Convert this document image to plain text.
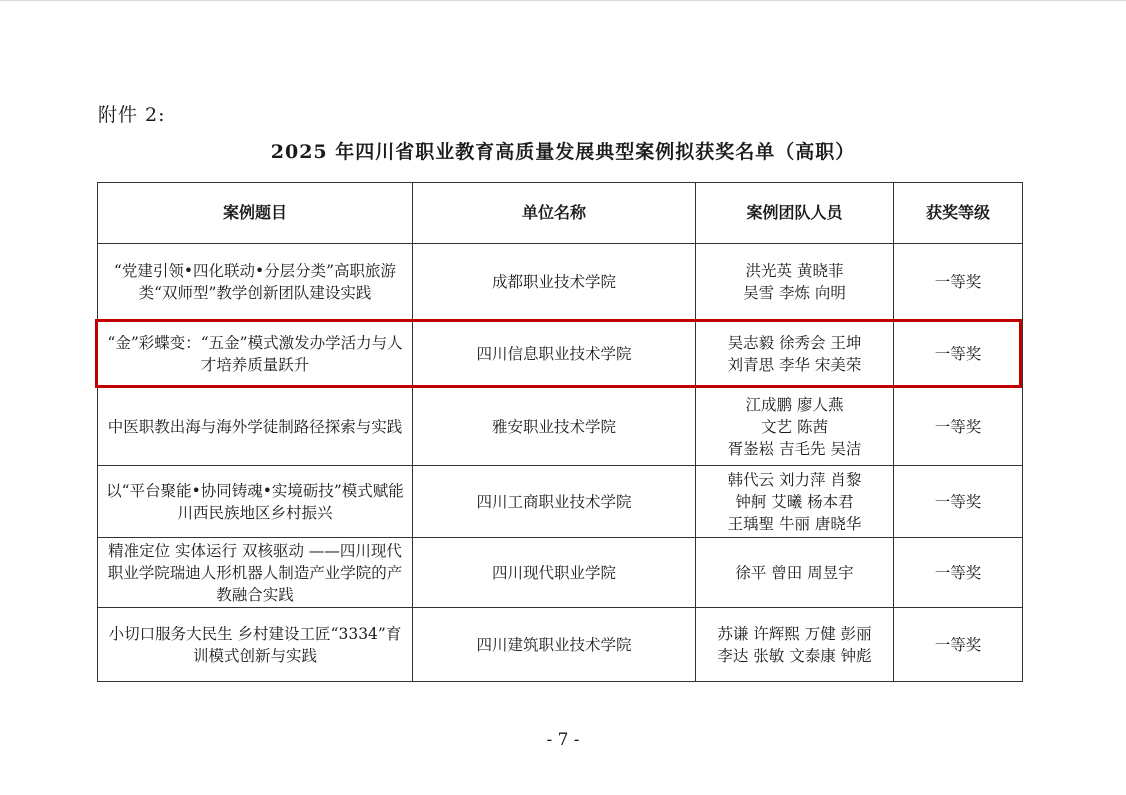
附件 2:
2025 年四川省职业教育高质量发展典型案例拟获奖名单（高职）
案例题目	单位名称	案例团队人员	获奖等级
“党建引领•四化联动•分层分类”高职旅游类“双师型”教学创新团队建设实践	成都职业技术学院	洪光英 黄晓菲
吴雪 李炼 向明	一等奖
“金”彩蝶变：“五金”模式激发办学活力与人才培养质量跃升	四川信息职业技术学院	吴志毅 徐秀会 王坤
刘青思 李华 宋美荣	一等奖
中医职教出海与海外学徒制路径探索与实践	雅安职业技术学院	江成鹏 廖人燕
文艺 陈茜
胥崟崧 吉毛先 吴洁	一等奖
以“平台聚能•协同铸魂•实境砺技”模式赋能川西民族地区乡村振兴	四川工商职业技术学院	韩代云 刘力萍 肖黎
钟舸 艾曦 杨本君
王瑀聖 牛丽 唐晓华	一等奖
精准定位 实体运行 双核驱动 ——四川现代职业学院瑞迪人形机器人制造产业学院的产教融合实践	四川现代职业学院	徐平 曾田 周昱宇	一等奖
小切口服务大民生 乡村建设工匠“3334”育训模式创新与实践	四川建筑职业技术学院	苏谦 许辉熙 万健 彭丽
李达 张敏 文泰康 钟彪	一等奖
- 7 -
